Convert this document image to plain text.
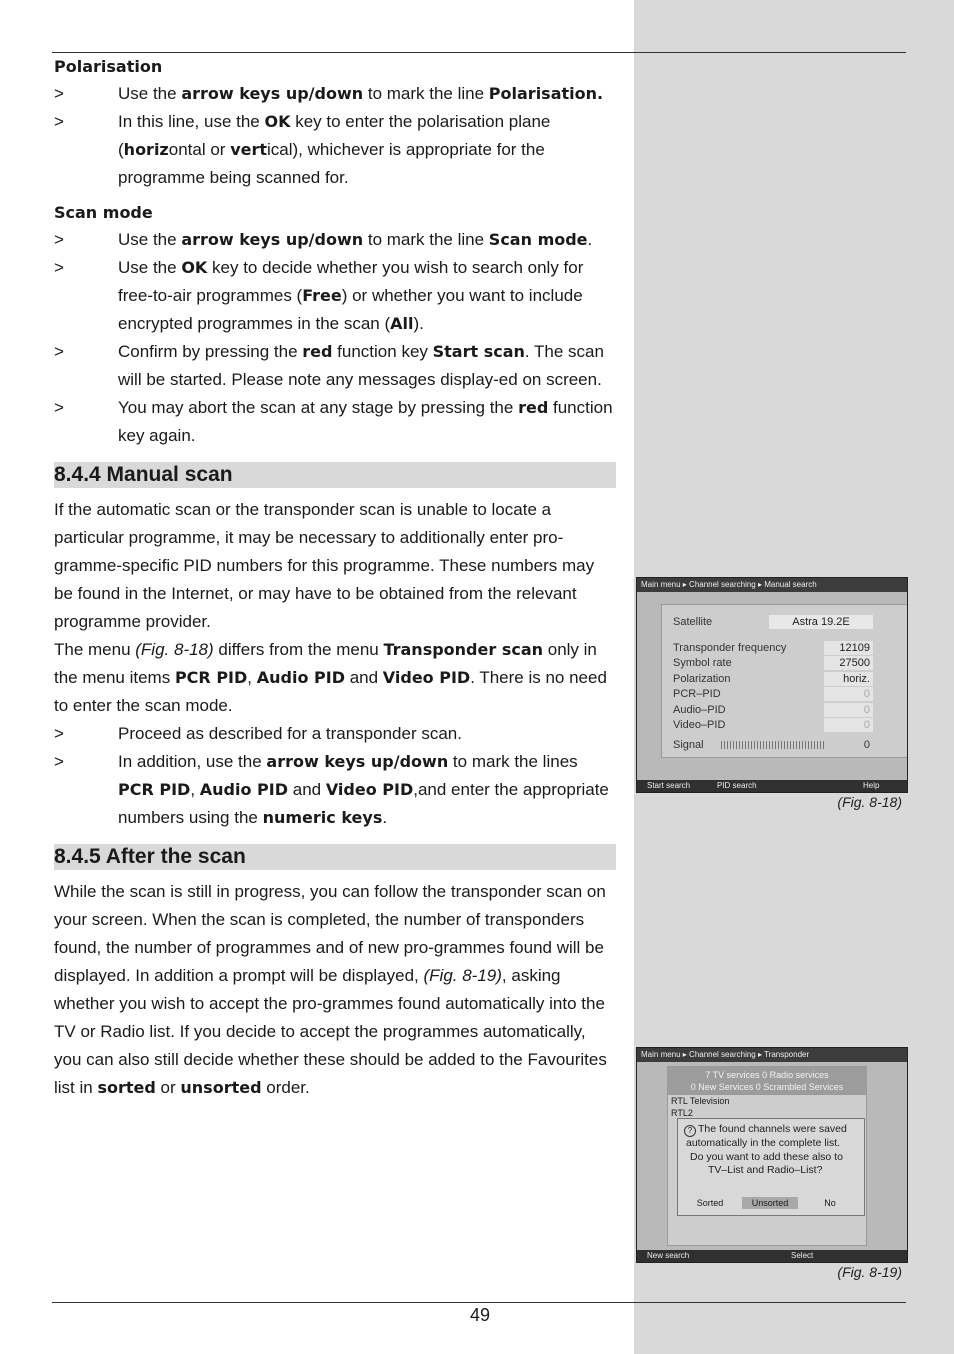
Polarisation

>	Use the arrow keys up/down to mark the line Polarisation.

>	In this line, use the OK key to enter the polarisation plane (horizontal or vertical), whichever is appropriate for the programme being scanned for.

Scan mode

>	Use the arrow keys up/down to mark the line Scan mode.

>	Use the OK key to decide whether you wish to search only for free-to-air programmes (Free) or whether you want to include encrypted programmes in the scan (All).

>	Confirm by pressing the red function key Start scan. The scan will be started. Please note any messages display-ed on screen.

>	You may abort the scan at any stage by pressing the red function key again.

8.4.4 Manual scan

If the automatic scan or the transponder scan is unable to locate a particular programme, it may be necessary to additionally enter pro-gramme-specific PID numbers for this programme. These numbers may be found in the Internet, or may have to be obtained from the relevant programme provider.

The menu (Fig. 8-18) differs from the menu Transponder scan only in the menu items PCR PID, Audio PID and Video PID. There is no need to enter the scan mode.

>	Proceed as described for a transponder scan.

>	In addition, use the arrow keys up/down to mark the lines PCR PID, Audio PID and Video PID,and enter the appropriate numbers using the numeric keys.

8.4.5 After the scan

While the scan is still in progress, you can follow the transponder scan on your screen. When the scan is completed, the number of transponders found, the number of programmes and of new pro-grammes found will be displayed. In addition a prompt will be displayed, (Fig. 8-19), asking whether you wish to accept the pro-grammes found automatically into the TV or Radio list. If you decide to accept the programmes automatically, you can also still decide whether these should be added to the Favourites list in sorted or unsorted order.

Main menu ▸ Channel searching ▸ Manual search
Satellite	Astra 19.2E
Transponder frequency	12109
Symbol rate	27500
Polarization	horiz.
PCR–PID	0
Audio–PID	0
Video–PID	0
Signal	0
Start search	PID search	Help
(Fig. 8-18)
Main menu ▸ Channel searching ▸ Transponder
7 TV services 0 Radio services
0 New Services 0 Scrambled Services
RTL Television
RTL2
? The found channels were saved
automatically in the complete list.
Do you want to add these also to
TV–List and Radio–List?
Sorted	Unsorted	No
New search	Select
(Fig. 8-19)
49
